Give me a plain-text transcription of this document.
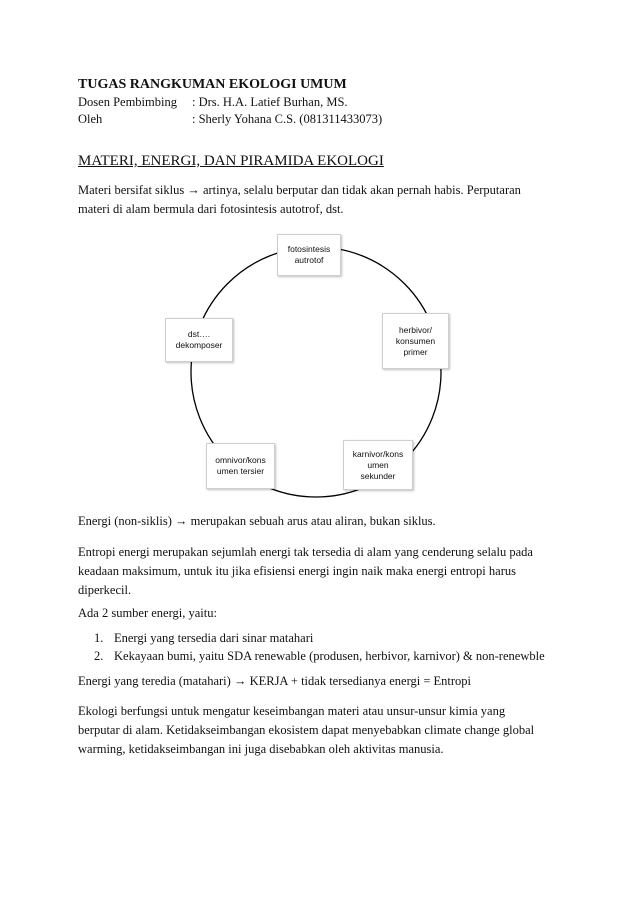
TUGAS RANGKUMAN EKOLOGI UMUM
Dosen Pembimbing : Drs. H.A. Latief Burhan, MS.
Oleh	: Sherly Yohana C.S. (081311433073)
MATERI, ENERGI, DAN PIRAMIDA EKOLOGI

Materi bersifat siklus → artinya, selalu berputar dan tidak akan pernah habis. Perputaran

materi di alam bermula dari fotosintesis autotrof, dst.

fotosintesis
autrotof
herbivor/
konsumen
primer
karnivor/kons
umen
sekunder
omnivor/kons
umen tersier
dst….
dekomposer

Energi (non-siklis) → merupakan sebuah arus atau aliran, bukan siklus.

Entropi energi merupakan sejumlah energi tak tersedia di alam yang cenderung selalu pada

keadaan maksimum, untuk itu jika efisiensi energi ingin naik maka energi entropi harus

diperkecil.

Ada 2 sumber energi, yaitu:

1. Energi yang tersedia dari sinar matahari
2. Kekayaan bumi, yaitu SDA renewable (produsen, herbivor, karnivor) & non-renewble

Energi yang teredia (matahari) → KERJA + tidak tersedianya energi = Entropi

Ekologi berfungsi untuk mengatur keseimbangan materi atau unsur-unsur kimia yang

berputar di alam. Ketidakseimbangan ekosistem dapat menyebabkan climate change global

warming, ketidakseimbangan ini juga disebabkan oleh aktivitas manusia.
